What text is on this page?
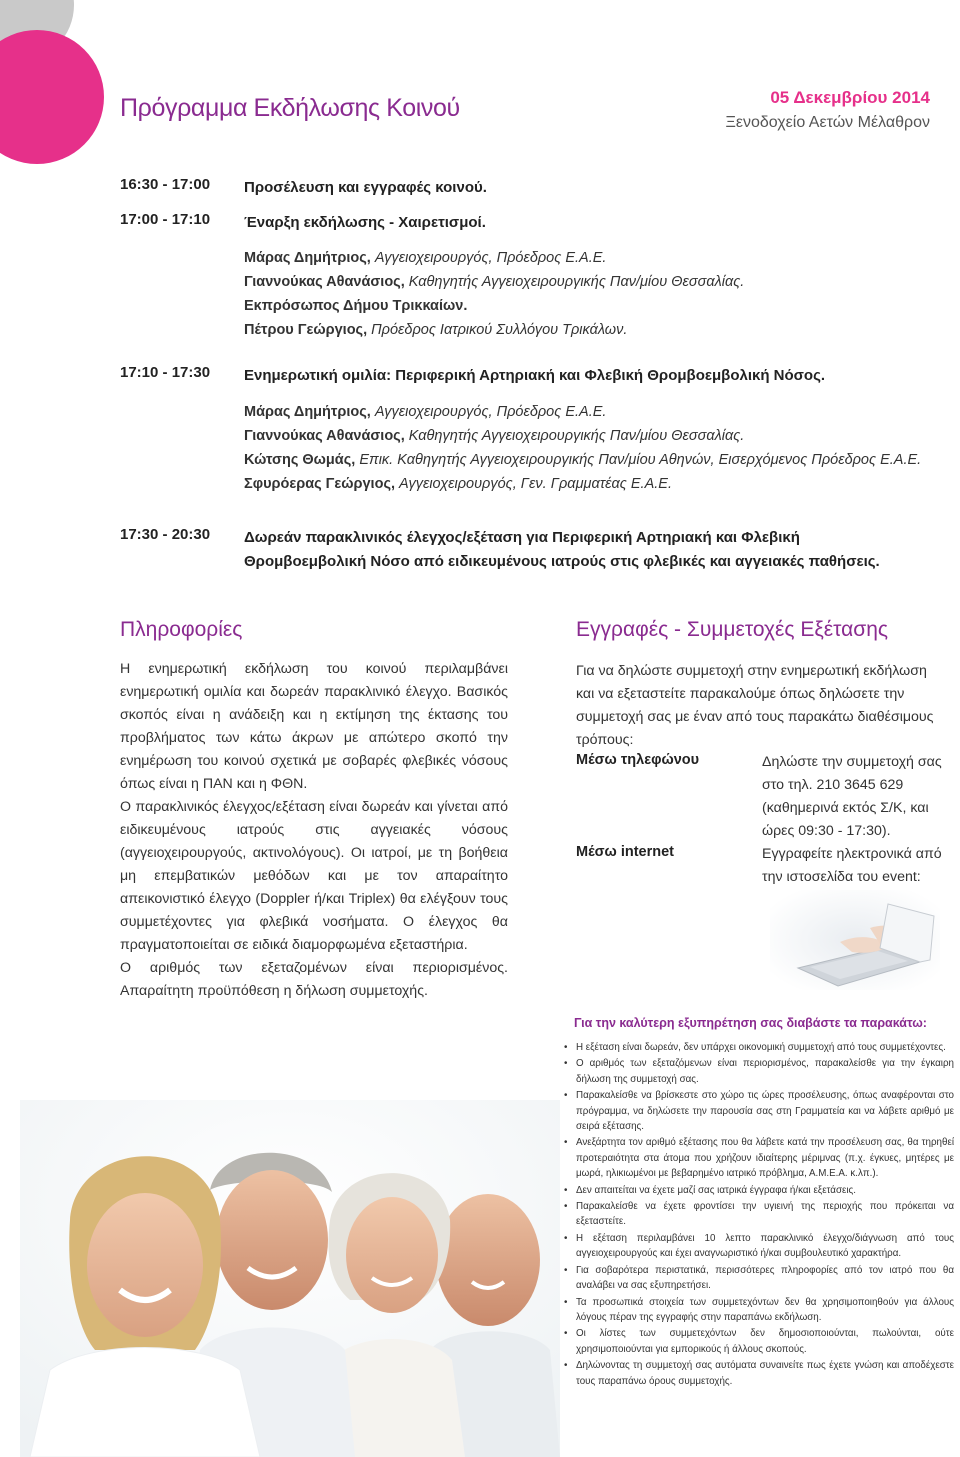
Πρόγραμμα Εκδήλωσης Κοινού	05 Δεκεμβρίου 2014
Ξενοδοχείο Αετών Μέλαθρον
16:30 - 17:00	Προσέλευση και εγγραφές κοινού.
17:00 - 17:10	Έναρξη εκδήλωσης - Χαιρετισμοί.
Μάρας Δημήτριος, Αγγειοχειρουργός, Πρόεδρος Ε.Α.Ε.
Γιαννούκας Αθανάσιος, Καθηγητής Αγγειοχειρουργικής Παν/μίου Θεσσαλίας.
Εκπρόσωπος Δήμου Τρικκαίων.
Πέτρου Γεώργιος, Πρόεδρος Ιατρικού Συλλόγου Τρικάλων.
17:10 - 17:30	Ενημερωτική ομιλία: Περιφερική Αρτηριακή και Φλεβική Θρομβοεμβολική Νόσος.
Μάρας Δημήτριος, Αγγειοχειρουργός, Πρόεδρος Ε.Α.Ε.
Γιαννούκας Αθανάσιος, Καθηγητής Αγγειοχειρουργικής Παν/μίου Θεσσαλίας.
Κώτσης Θωμάς, Επικ. Καθηγητής Αγγειοχειρουργικής Παν/μίου Αθηνών, Εισερχόμενος Πρόεδρος Ε.Α.Ε.
Σφυρόερας Γεώργιος, Αγγειοχειρουργός, Γεν. Γραμματέας Ε.Α.Ε.
17:30 - 20:30	Δωρεάν παρακλινικός έλεγχος/εξέταση για Περιφερική Αρτηριακή και Φλεβική Θρομβοεμβολική Νόσο από ειδικευμένους ιατρούς στις φλεβικές και αγγειακές παθήσεις.
Πληροφορίες
Η ενημερωτική εκδήλωση του κοινού περιλαμβάνει ενημερωτική ομιλία και δωρεάν παρακλινικό έλεγχο. Βασικός σκοπός είναι η ανάδειξη και η εκτίμηση της έκτασης του προβλήματος των κάτω άκρων με απώτερο σκοπό την ενημέρωση του κοινού σχετικά με σοβαρές φλεβικές νόσους όπως είναι η ΠΑΝ και η ΦΘΝ.
Ο παρακλινικός έλεγχος/εξέταση είναι δωρεάν και γίνεται από ειδικευμένους ιατρούς στις αγγειακές νόσους (αγγειοχειρουργούς, ακτινολόγους). Οι ιατροί, με τη βοήθεια μη επεμβατικών μεθόδων και με τον απαραίτητο απεικονιστικό έλεγχο (Doppler ή/και Triplex) θα ελέγξουν τους συμμετέχοντες για φλεβικά νοσήματα. Ο έλεγχος θα πραγματοποιείται σε ειδικά διαμορφωμένα εξεταστήρια.
Ο αριθμός των εξεταζομένων είναι περιορισμένος. Απαραίτητη προϋπόθεση η δήλωση συμμετοχής.
Εγγραφές - Συμμετοχές Εξέτασης
Για να δηλώστε συμμετοχή στην ενημερωτική εκδήλωση και να εξεταστείτε παρακαλούμε όπως δηλώσετε την συμμετοχή σας με έναν από τους παρακάτω διαθέσιμους τρόπους:
Μέσω τηλεφώνου	Δηλώστε την συμμετοχή σας στο τηλ. 210 3645 629 (καθημερινά εκτός Σ/Κ, και ώρες 09:30 - 17:30).
Μέσω internet	Εγγραφείτε ηλεκτρονικά από την ιστοσελίδα του event:
Για την καλύτερη εξυπηρέτηση σας διαβάστε τα παρακάτω:
• Η εξέταση είναι δωρεάν, δεν υπάρχει οικονομική συμμετοχή από τους συμμετέχοντες.
• Ο αριθμός των εξεταζόμενων είναι περιορισμένος, παρακαλείσθε για την έγκαιρη δήλωση της συμμετοχή σας.
• Παρακαλείσθε να βρίσκεστε στο χώρο τις ώρες προσέλευσης, όπως αναφέρονται στο πρόγραμμα, να δηλώσετε την παρουσία σας στη Γραμματεία και να λάβετε αριθμό με σειρά εξέτασης.
• Ανεξάρτητα τον αριθμό εξέτασης που θα λάβετε κατά την προσέλευση σας, θα τηρηθεί προτεραιότητα στα άτομα που χρήζουν ιδιαίτερης μέριμνας (π.χ. έγκυες, μητέρες με μωρά, ηλικιωμένοι με βεβαρημένο ιατρικό πρόβλημα, Α.Μ.Ε.Α. κ.λπ.).
• Δεν απαιτείται να έχετε μαζί σας ιατρικά έγγραφα ή/και εξετάσεις.
• Παρακαλείσθε να έχετε φροντίσει την υγιεινή της περιοχής που πρόκειται να εξεταστείτε.
• Η εξέταση περιλαμβάνει 10 λεπτο παρακλινικό έλεγχο/διάγνωση από τους αγγειοχειρουργούς και έχει αναγνωριστικό ή/και συμβουλευτικό χαρακτήρα.
• Για σοβαρότερα περιστατικά, περισσότερες πληροφορίες από τον ιατρό που θα αναλάβει να σας εξυπηρετήσει.
• Τα προσωπικά στοιχεία των συμμετεχόντων δεν θα χρησιμοποιηθούν για άλλους λόγους πέραν της εγγραφής στην παραπάνω εκδήλωση.
• Οι λίστες των συμμετεχόντων δεν δημοσιοποιούνται, πωλούνται, ούτε χρησιμοποιούνται για εμπορικούς ή άλλους σκοπούς.
• Δηλώνοντας τη συμμετοχή σας αυτόματα συναινείτε πως έχετε γνώση και αποδέχεστε τους παραπάνω όρους συμμετοχής.
